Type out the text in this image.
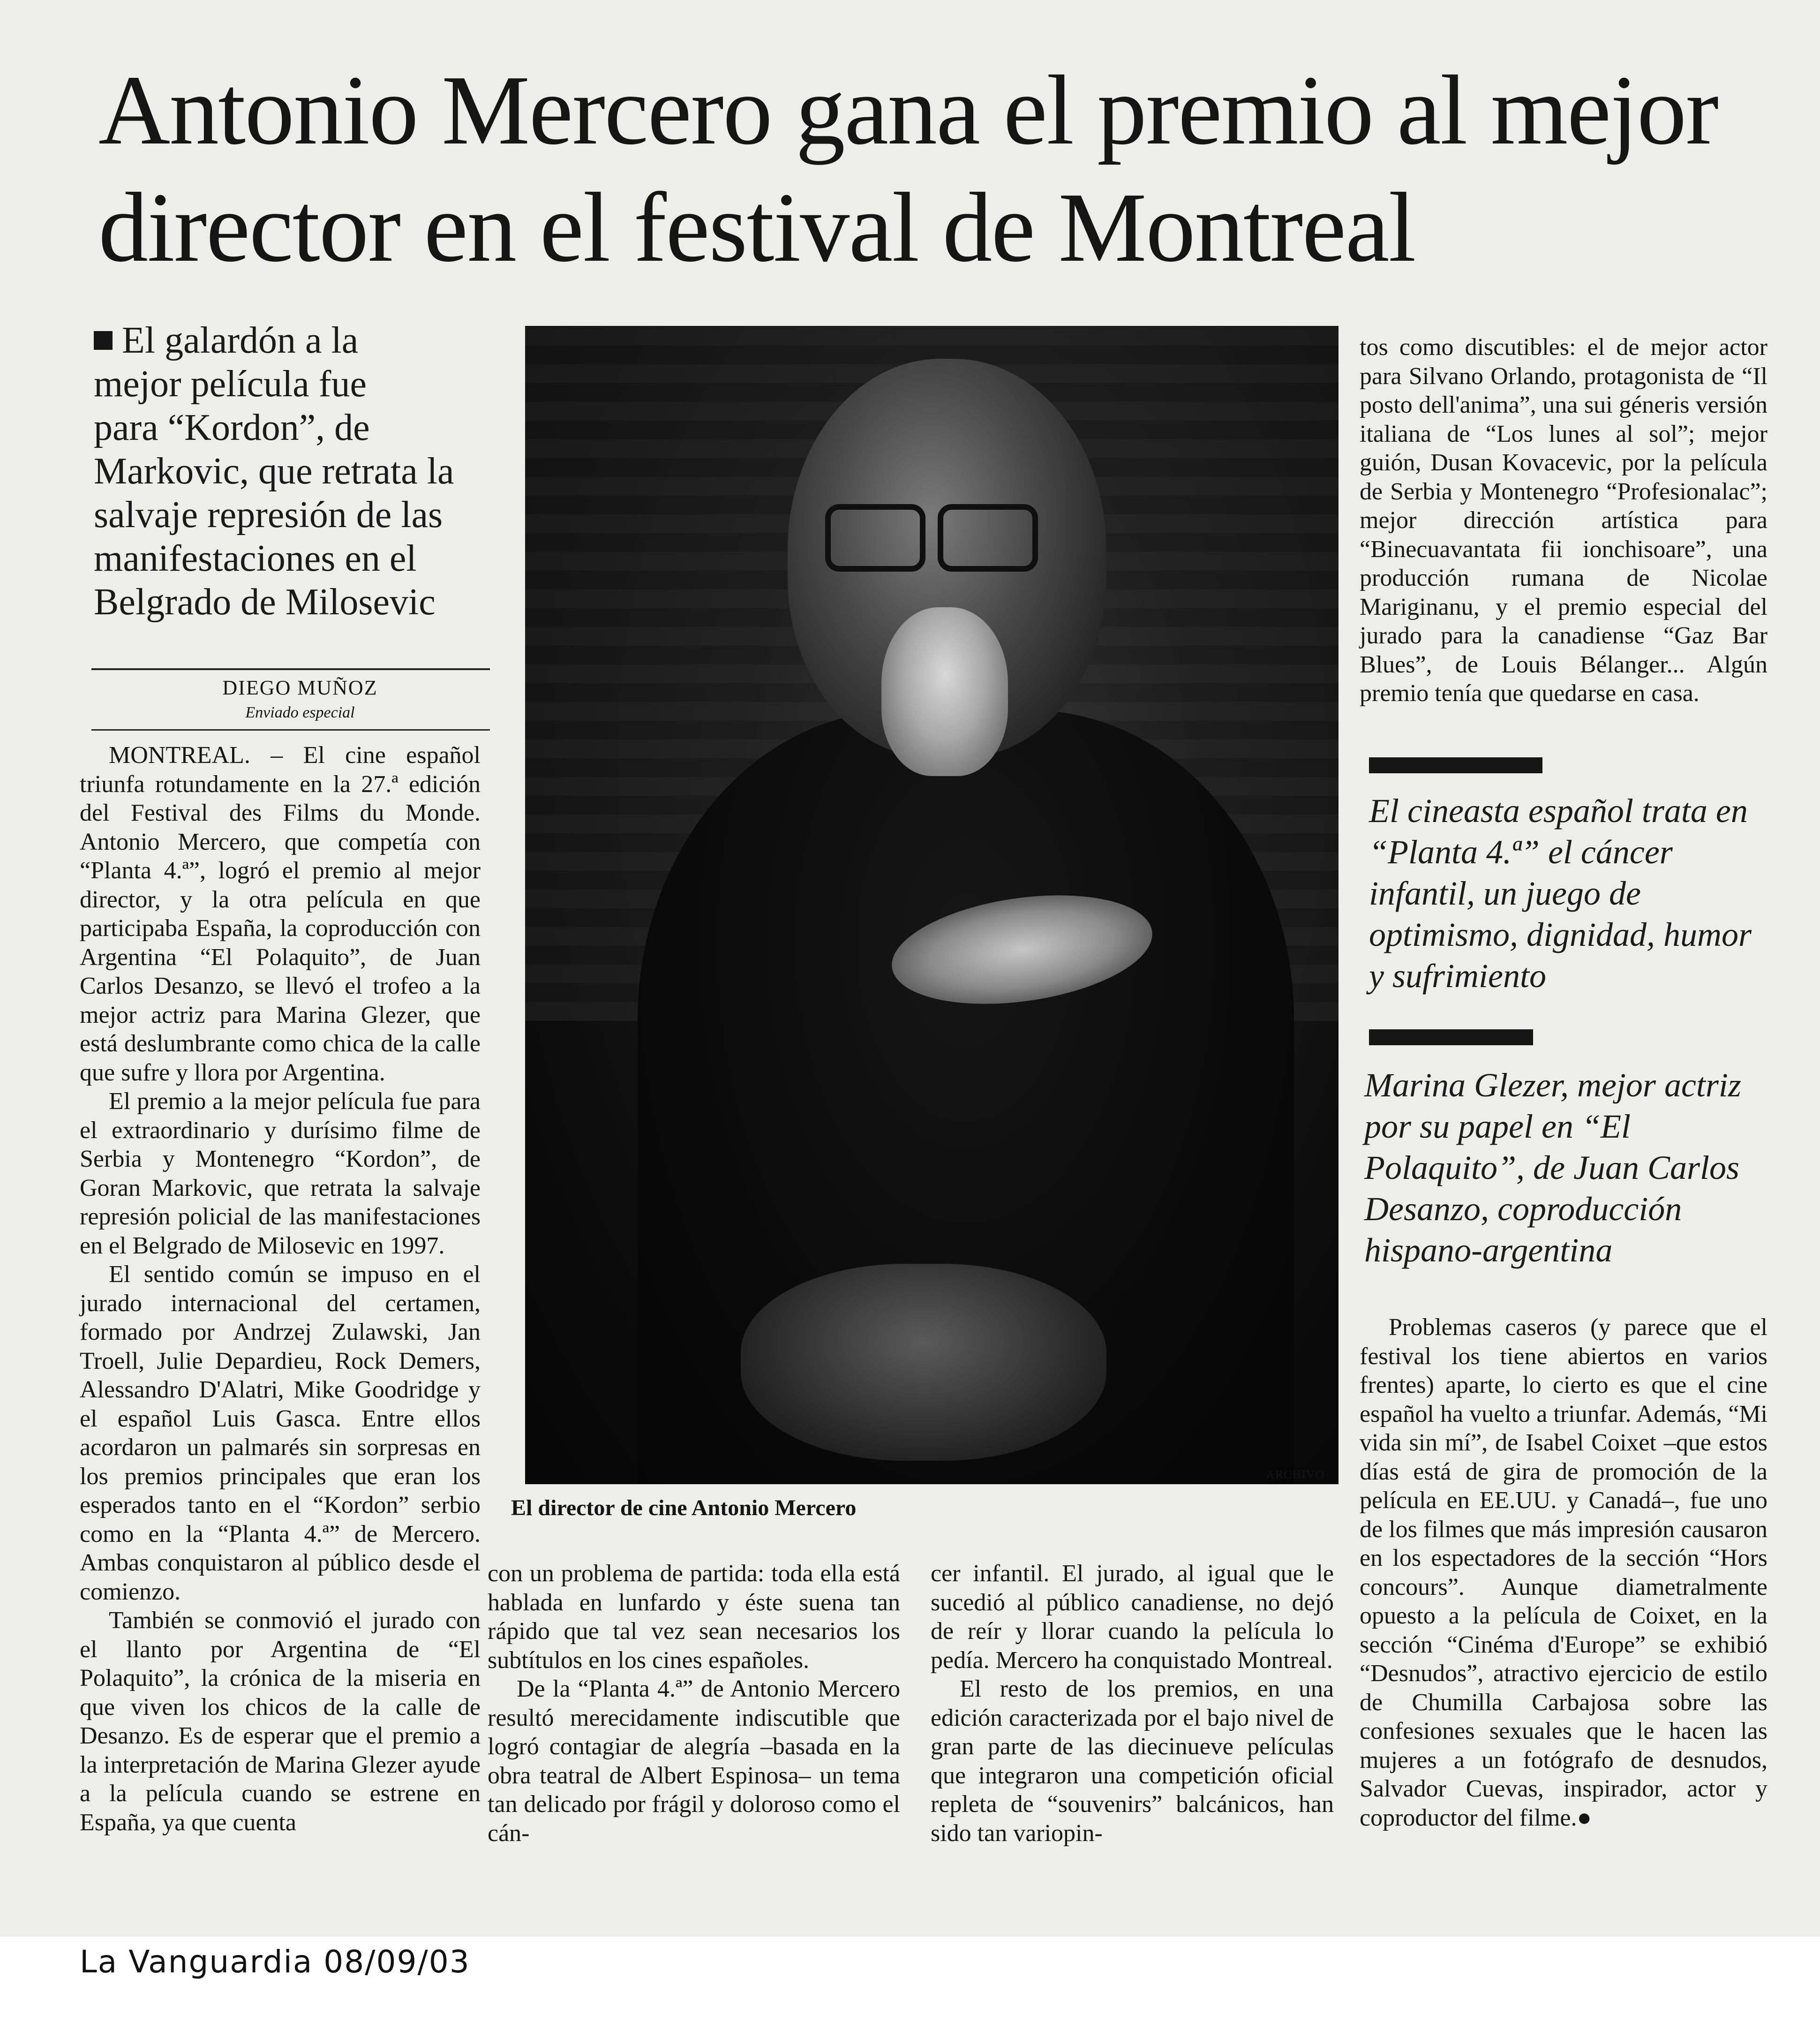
Antonio Mercero gana el premio al mejor
director en el festival de Montreal
El galardón a la
mejor película fue
para “Kordon”, de
Markovic, que retrata la
salvaje represión de las
manifestaciones en el
Belgrado de Milosevic
DIEGO MUÑOZ
Enviado especial

MONTREAL. – El cine español triunfa rotundamente en la 27.ª edición del Festival des Films du Monde. Antonio Mercero, que competía con “Planta 4.ª”, logró el premio al mejor director, y la otra película en que participaba España, la coproducción con Argentina “El Polaquito”, de Juan Carlos Desanzo, se llevó el trofeo a la mejor actriz para Marina Glezer, que está deslumbrante como chica de la calle que sufre y llora por Argentina.

El premio a la mejor película fue para el extraordinario y durísimo filme de Serbia y Montenegro “Kordon”, de Goran Markovic, que retrata la salvaje represión policial de las manifestaciones en el Belgrado de Milosevic en 1997.

El sentido común se impuso en el jurado internacional del certamen, formado por Andrzej Zulawski, Jan Troell, Julie Depardieu, Rock Demers, Alessandro D'Alatri, Mike Goodridge y el español Luis Gasca. Entre ellos acordaron un palmarés sin sorpresas en los premios principales que eran los esperados tanto en el “Kordon” serbio como en la “Planta 4.ª” de Mercero. Ambas conquistaron al público desde el comienzo.

También se conmovió el jurado con el llanto por Argentina de “El Polaquito”, la crónica de la miseria en que viven los chicos de la calle de Desanzo. Es de esperar que el premio a la interpretación de Marina Glezer ayude a la película cuando se estrene en España, ya que cuenta

ARCHIVO
El director de cine Antonio Mercero

con un problema de partida: toda ella está hablada en lunfardo y éste suena tan rápido que tal vez sean necesarios los subtítulos en los cines españoles.

De la “Planta 4.ª” de Antonio Mercero resultó merecidamente indiscutible que logró contagiar de alegría –basada en la obra teatral de Albert Espinosa– un tema tan delicado por frágil y doloroso como el cán-

cer infantil. El jurado, al igual que le sucedió al público canadiense, no dejó de reír y llorar cuando la película lo pedía. Mercero ha conquistado Montreal.

El resto de los premios, en una edición caracterizada por el bajo nivel de gran parte de las diecinueve películas que integraron una competición oficial repleta de “souvenirs” balcánicos, han sido tan variopin-

tos como discutibles: el de mejor actor para Silvano Orlando, protagonista de “Il posto dell'anima”, una sui géneris versión italiana de “Los lunes al sol”; mejor guión, Dusan Kovacevic, por la película de Serbia y Montenegro “Profesionalac”; mejor dirección artística para “Binecuavantata fii ionchisoare”, una producción rumana de Nicolae Mariginanu, y el premio especial del jurado para la canadiense “Gaz Bar Blues”, de Louis Bélanger... Algún premio tenía que quedarse en casa.

El cineasta español trata en “Planta 4.ª” el cáncer infantil, un juego de optimismo, dignidad, humor y sufrimiento
Marina Glezer, mejor actriz por su papel en “El Polaquito”, de Juan Carlos Desanzo, coproducción hispano-argentina

Problemas caseros (y parece que el festival los tiene abiertos en varios frentes) aparte, lo cierto es que el cine español ha vuelto a triunfar. Además, “Mi vida sin mí”, de Isabel Coixet –que estos días está de gira de promoción de la película en EE.UU. y Canadá–, fue uno de los filmes que más impresión causaron en los espectadores de la sección “Hors concours”. Aunque diametralmente opuesto a la película de Coixet, en la sección “Cinéma d'Europe” se exhibió “Desnudos”, atractivo ejercicio de estilo de Chumilla Carbajosa sobre las confesiones sexuales que le hacen las mujeres a un fotógrafo de desnudos, Salvador Cuevas, inspirador, actor y coproductor del filme.●

La Vanguardia 08/09/03
